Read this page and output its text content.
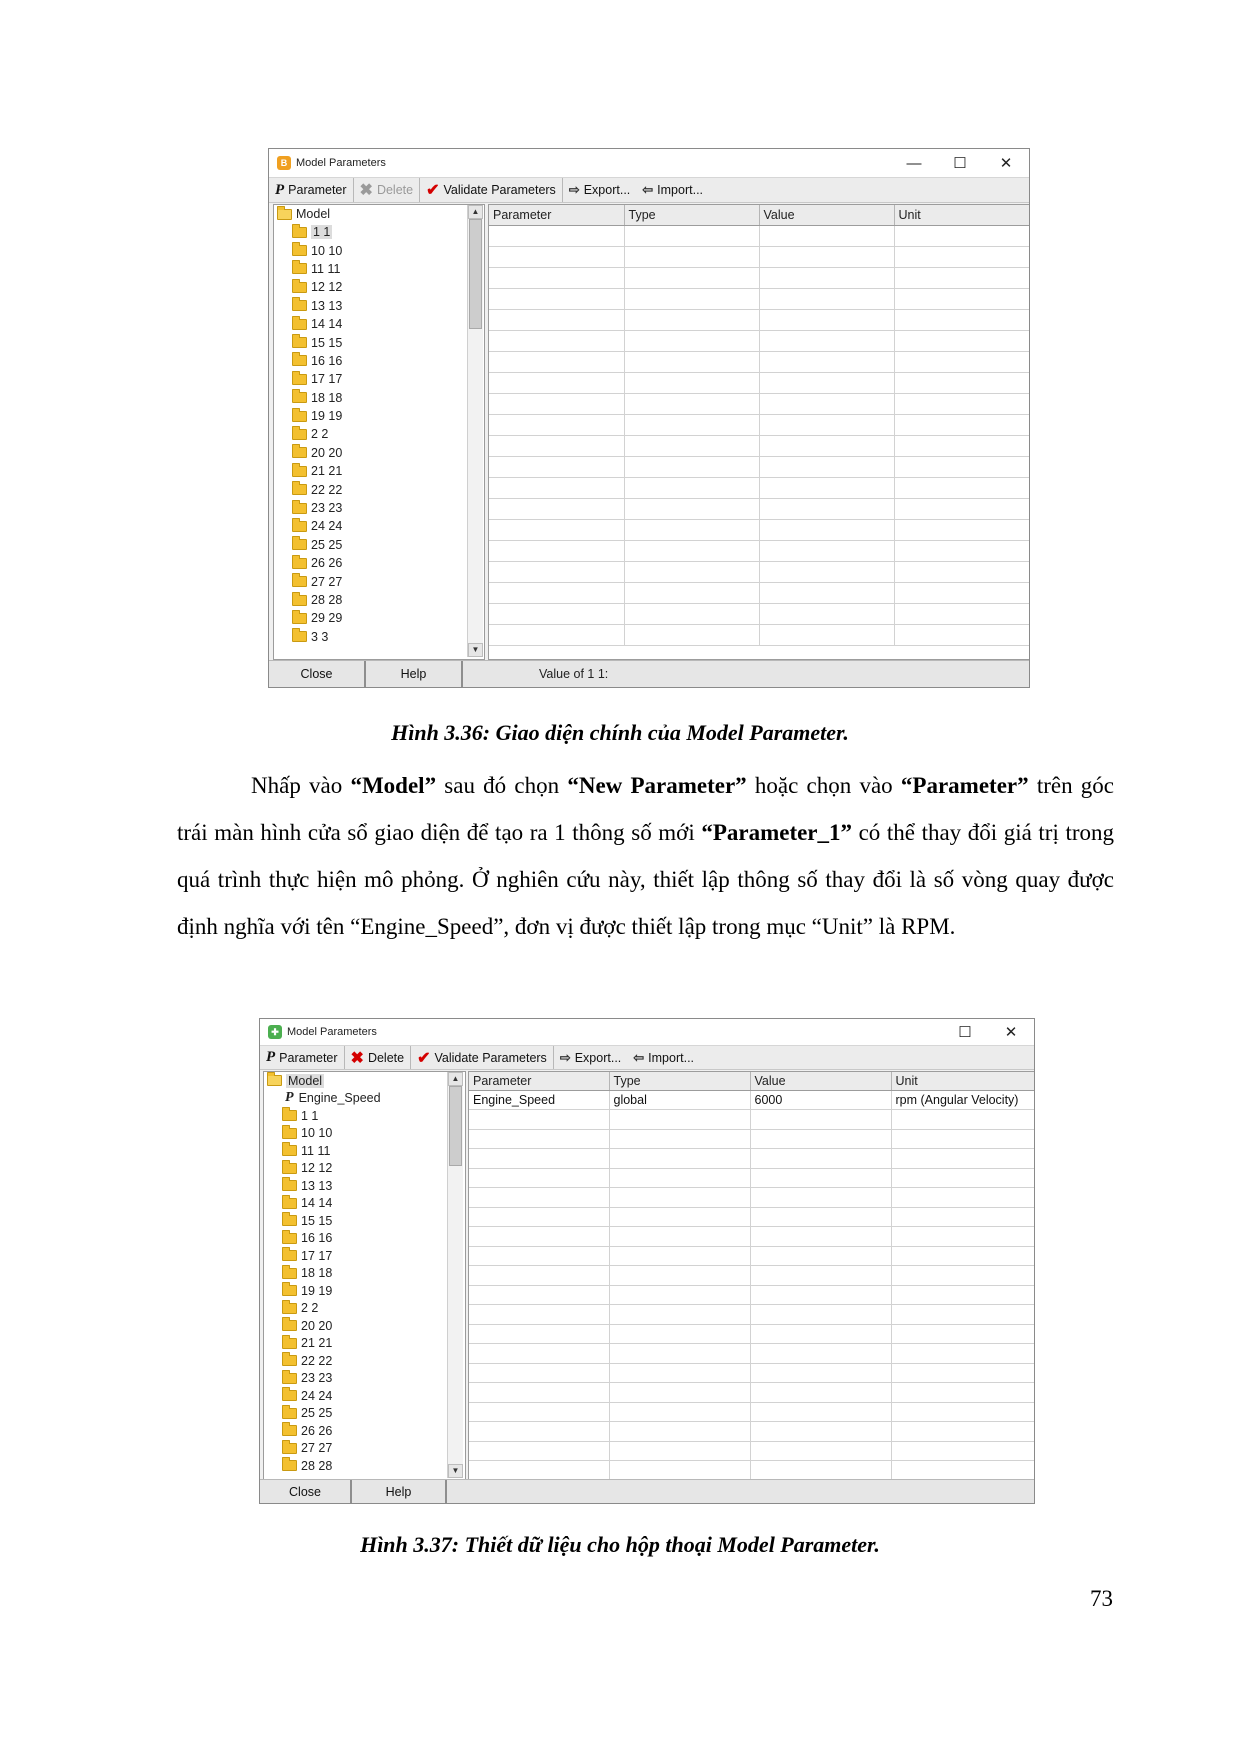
B Model Parameters	—	☐	✕
P Parameter ✖ Delete ✔ Validate Parameters ⇨ Export... ⇦ Import...
Model
1 1
10 10
11 11
12 12
13 13
14 14
15 15
16 16
17 17
18 18
19 19
2 2
20 20
21 21
22 22
23 23
24 24
25 25
26 26
27 27
28 28
29 29
3 3
▲
▼
Parameter	Type	Value	Unit

Close	Help	Value of 1 1:
Hình 3.36: Giao diện chính của Model Parameter.
Nhấp vào “Model” sau đó chọn “New Parameter” hoặc chọn vào “Parameter” trên góc trái màn hình cửa sổ giao diện để tạo ra 1 thông số mới “Parameter_1” có thể thay đổi giá trị trong quá trình thực hiện mô phỏng. Ở nghiên cứu này, thiết lập thông số thay đổi là số vòng quay được định nghĩa với tên “Engine_Speed”, đơn vị được thiết lập trong mục “Unit” là RPM.
✚ Model Parameters	☐	✕
P Parameter ✖ Delete ✔ Validate Parameters ⇨ Export... ⇦ Import...
Model
P Engine_Speed
1 1
10 10
11 11
12 12
13 13
14 14
15 15
16 16
17 17
18 18
19 19
2 2
20 20
21 21
22 22
23 23
24 24
25 25
26 26
27 27
28 28
▲
▼
Parameter	Type	Value	Unit
Engine_Speed	global	6000	rpm (Angular Velocity)

Close	Help
Hình 3.37: Thiết dữ liệu cho hộp thoại Model Parameter.
73
